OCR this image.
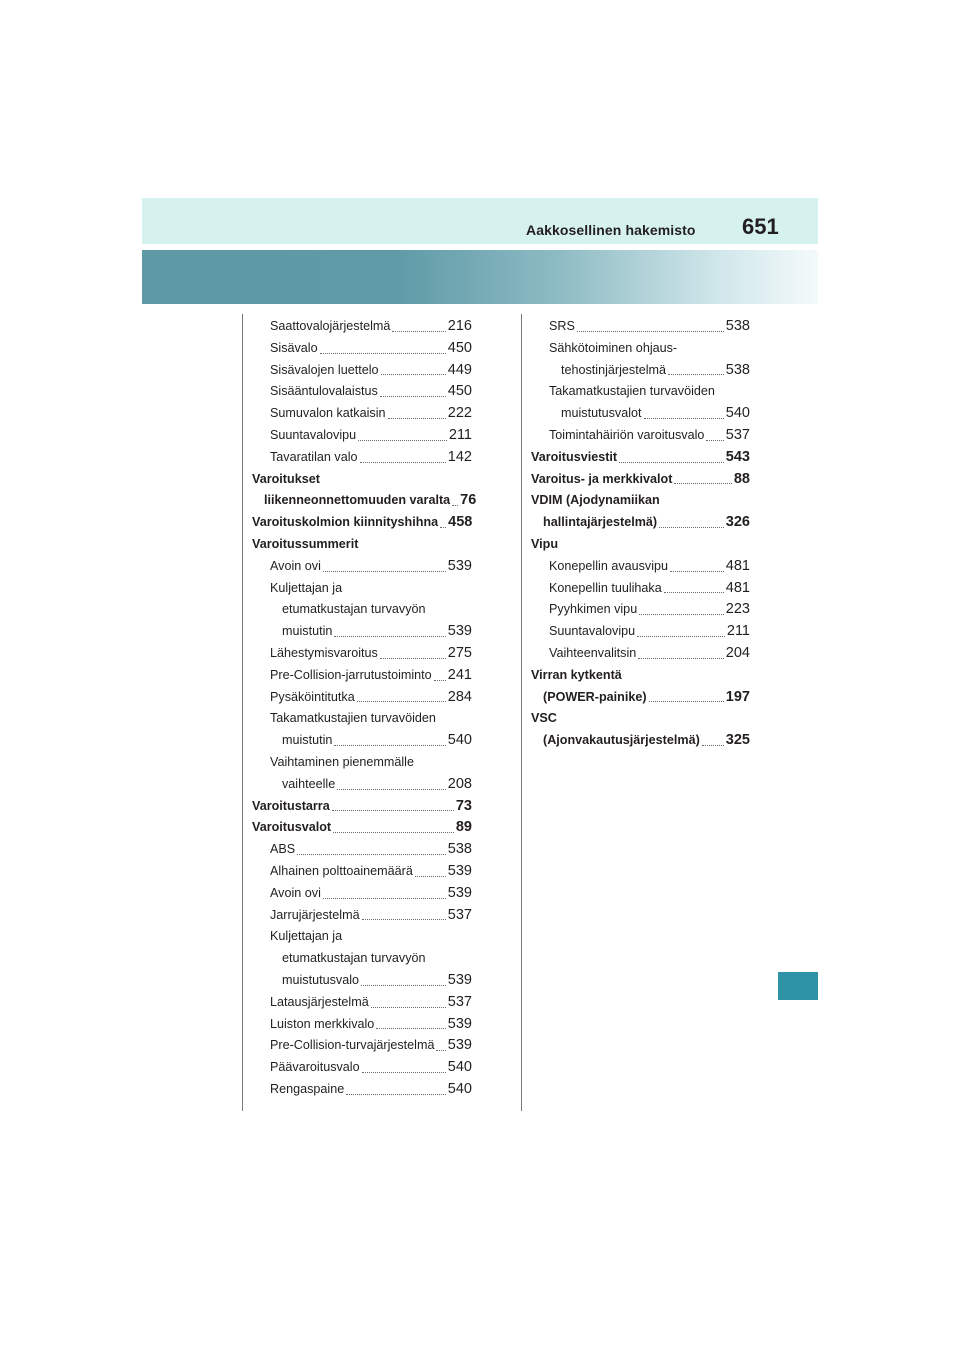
Aakkosellinen hakemisto 651
Saattovalojärjestelmä	216
Sisävalo	450
Sisävalojen luettelo	449
Sisääntulovalaistus	450
Sumuvalon katkaisin	222
Suuntavalovipu	211
Tavaratilan valo	142
Varoitukset
liikenneonnettomuuden varalta 76
Varoituskolmion kiinnityshihna 458
Varoitussummerit
Avoin ovi	539
Kuljettajan ja
etumatkustajan turvavyön
muistutin	539
Lähestymisvaroitus	275
Pre-Collision-jarrutustoiminto 241
Pysäköintitutka	284
Takamatkustajien turvavöiden
muistutin	540
Vaihtaminen pienemmälle
vaihteelle	208
Varoitustarra	73
Varoitusvalot	89
ABS	538
Alhainen polttoainemäärä 539
Avoin ovi	539
Jarrujärjestelmä	537
Kuljettajan ja
etumatkustajan turvavyön
muistutusvalo	539
Latausjärjestelmä	537
Luiston merkkivalo	539
Pre-Collision-turvajärjestelmä 539
Päävaroitusvalo	540
Rengaspaine	540
SRS	538
Sähkötoiminen ohjaus-
tehostinjärjestelmä	538
Takamatkustajien turvavöiden
muistutusvalot	540
Toimintahäiriön varoitusvalo 537
Varoitusviestit	543
Varoitus- ja merkkivalot	88
VDIM (Ajodynamiikan
hallintajärjestelmä)	326
Vipu
Konepellin avausvipu	481
Konepellin tuulihaka	481
Pyyhkimen vipu	223
Suuntavalovipu	211
Vaihteenvalitsin	204
Virran kytkentä
(POWER-painike)	197
VSC
(Ajonvakautusjärjestelmä) 325
